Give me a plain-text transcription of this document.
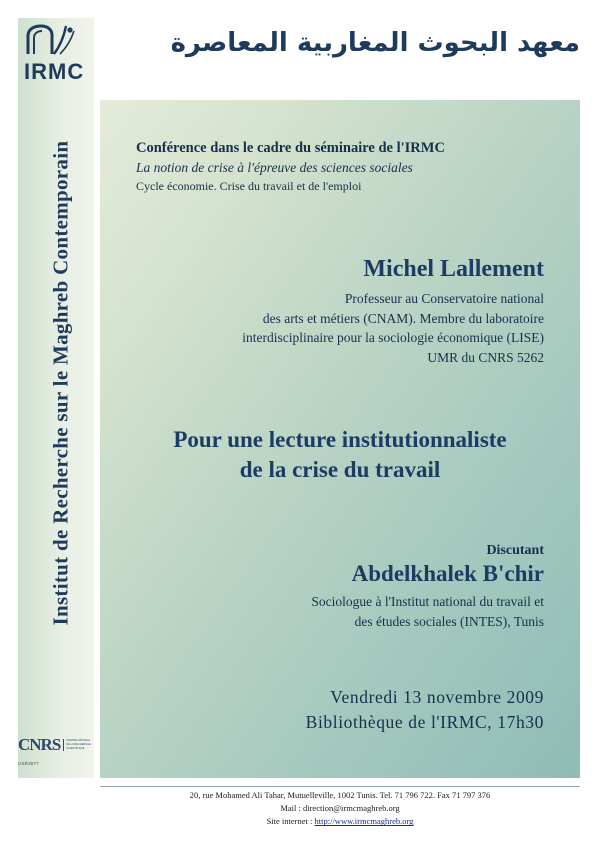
Institut de Recherche sur le Maghreb Contemporain
IRMC
معهد البحوث المغاربية المعاصرة
Conférence dans le cadre du séminaire de l'IRMC
La notion de crise à l'épreuve des sciences sociales
Cycle économie. Crise du travail et de l'emploi
Michel Lallement
Professeur au Conservatoire national
des arts et métiers (CNAM). Membre du laboratoire
interdisciplinaire pour la sociologie économique (LISE)
UMR du CNRS 5262
Pour une lecture institutionnaliste
de la crise du travail
Discutant
Abdelkhalek B'chir
Sociologue à l'Institut national du travail et
des études sociales (INTES), Tunis
Vendredi 13 novembre 2009
Bibliothèque de l'IRMC, 17h30
CNRS CENTRE NATIONAL
DE LA RECHERCHE
SCIENTIFIQUE
USR3077
20, rue Mohamed Ali Tahar, Mutuelleville, 1002 Tunis. Tel. 71 796 722. Fax 71 797 376
Mail : direction@irmcmaghreb.org
Site internet : http://www.irmcmaghreb.org
